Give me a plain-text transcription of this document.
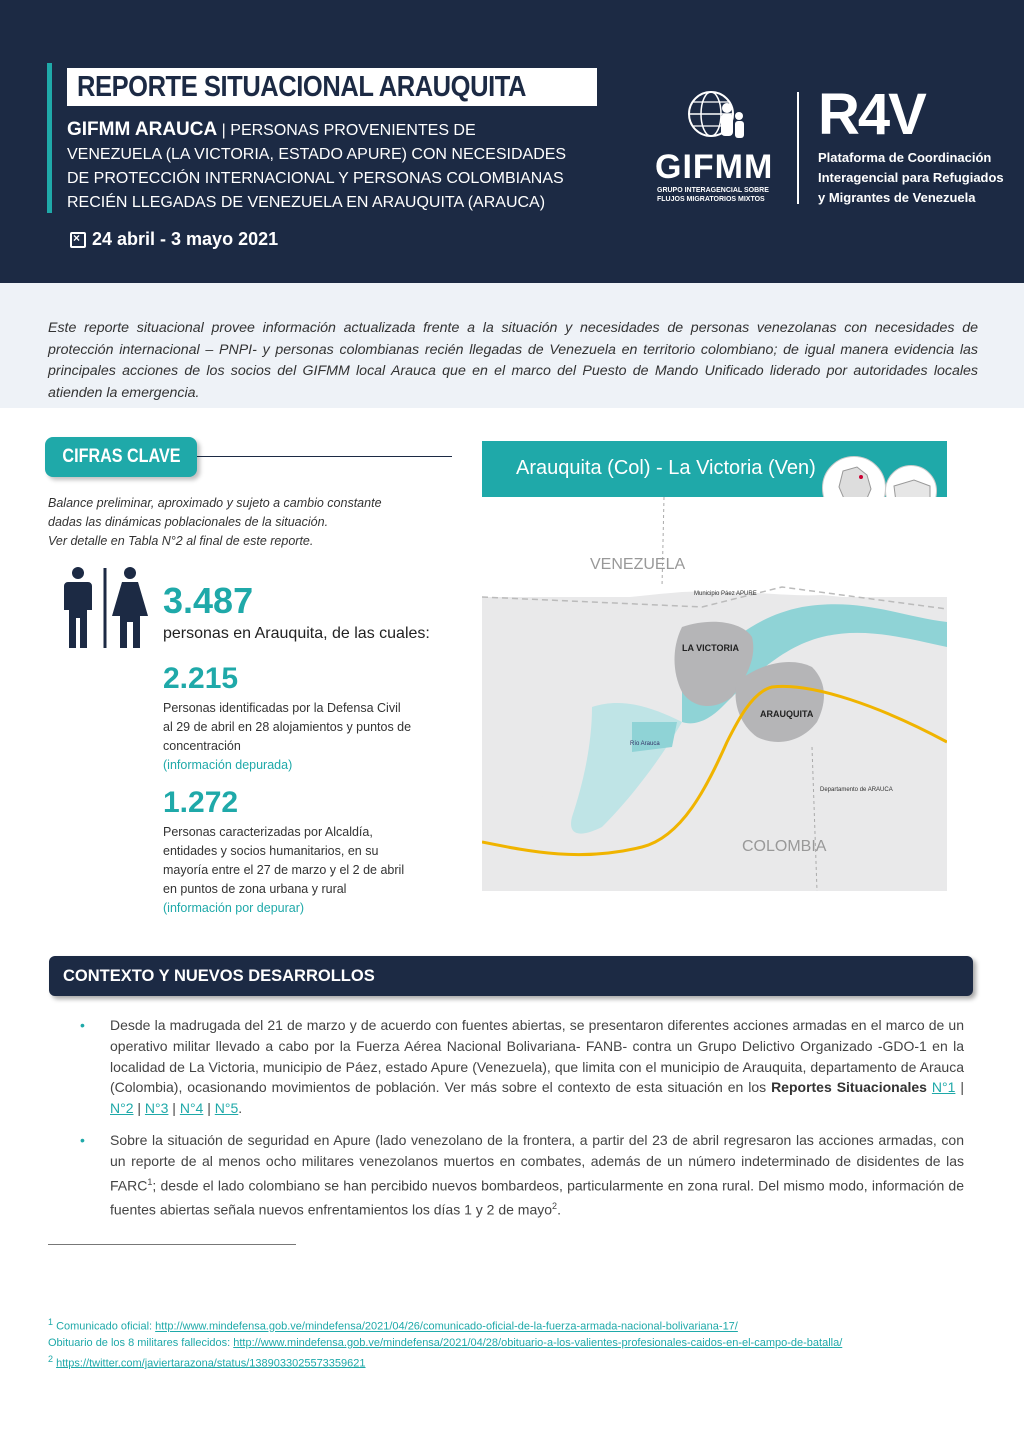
REPORTE SITUACIONAL ARAUQUITA
GIFMM ARAUCA | PERSONAS PROVENIENTES DE VENEZUELA (LA VICTORIA, ESTADO APURE) CON NECESIDADES DE PROTECCIÓN INTERNACIONAL Y PERSONAS COLOMBIANAS RECIÉN LLEGADAS DE VENEZUELA EN ARAUQUITA (ARAUCA)
×
24 abril - 3 mayo 2021
GIFMM
GRUPO INTERAGENCIAL SOBRE FLUJOS MIGRATORIOS MIXTOS
R4V
Plataforma de Coordinación
Interagencial para Refugiados
y Migrantes de Venezuela

Este reporte situacional provee información actualizada frente a la situación y necesidades de personas venezolanas con necesidades de protección internacional – PNPI- y personas colombianas recién llegadas de Venezuela en territorio colombiano; de igual manera evidencia las principales acciones de los socios del GIFMM local Arauca que en el marco del Puesto de Mando Unificado liderado por autoridades locales atienden la emergencia.

CIFRAS CLAVE
Balance preliminar, aproximado y sujeto a cambio constante
dadas las dinámicas poblacionales de la situación.
Ver detalle en Tabla N°2 al final de este reporte.
3.487
personas en Arauquita, de las cuales:
2.215
Personas identificadas por la Defensa Civil al 29 de abril en 28 alojamientos y puntos de concentración
(información depurada)
1.272
Personas caracterizadas por Alcaldía, entidades y socios humanitarios, en su mayoría entre el 27 de marzo y el 2 de abril en puntos de zona urbana y rural
(información por depurar)
Arauquita (Col) - La Victoria (Ven)
VENEZUELA
COLOMBIA
LA VICTORIA
ARAUQUITA
Municipio Páez APURE
Departamento de ARAUCA
Río Arauca
CONTEXTO Y NUEVOS DESARROLLOS
• Desde la madrugada del 21 de marzo y de acuerdo con fuentes abiertas, se presentaron diferentes acciones armadas en el marco de un operativo militar llevado a cabo por la Fuerza Aérea Nacional Bolivariana- FANB- contra un Grupo Delictivo Organizado -GDO-1 en la localidad de La Victoria, municipio de Páez, estado Apure (Venezuela), que limita con el municipio de Arauquita, departamento de Arauca (Colombia), ocasionando movimientos de población. Ver más sobre el contexto de esta situación en los Reportes Situacionales N°1 | N°2 | N°3 | N°4 | N°5.
• Sobre la situación de seguridad en Apure (lado venezolano de la frontera, a partir del 23 de abril regresaron las acciones armadas, con un reporte de al menos ocho militares venezolanos muertos en combates, además de un número indeterminado de disidentes de las FARC$^1$; desde el lado colombiano se han percibido nuevos bombardeos, particularmente en zona rural. Del mismo modo, información de fuentes abiertas señala nuevos enfrentamientos los días 1 y 2 de mayo$^2$.
$^1$ Comunicado oficial: http://www.mindefensa.gob.ve/mindefensa/2021/04/26/comunicado-oficial-de-la-fuerza-armada-nacional-bolivariana-17/
Obituario de los 8 militares fallecidos: http://www.mindefensa.gob.ve/mindefensa/2021/04/28/obituario-a-los-valientes-profesionales-caidos-en-el-campo-de-batalla/
$^2$ https://twitter.com/javiertarazona/status/1389033025573359621
